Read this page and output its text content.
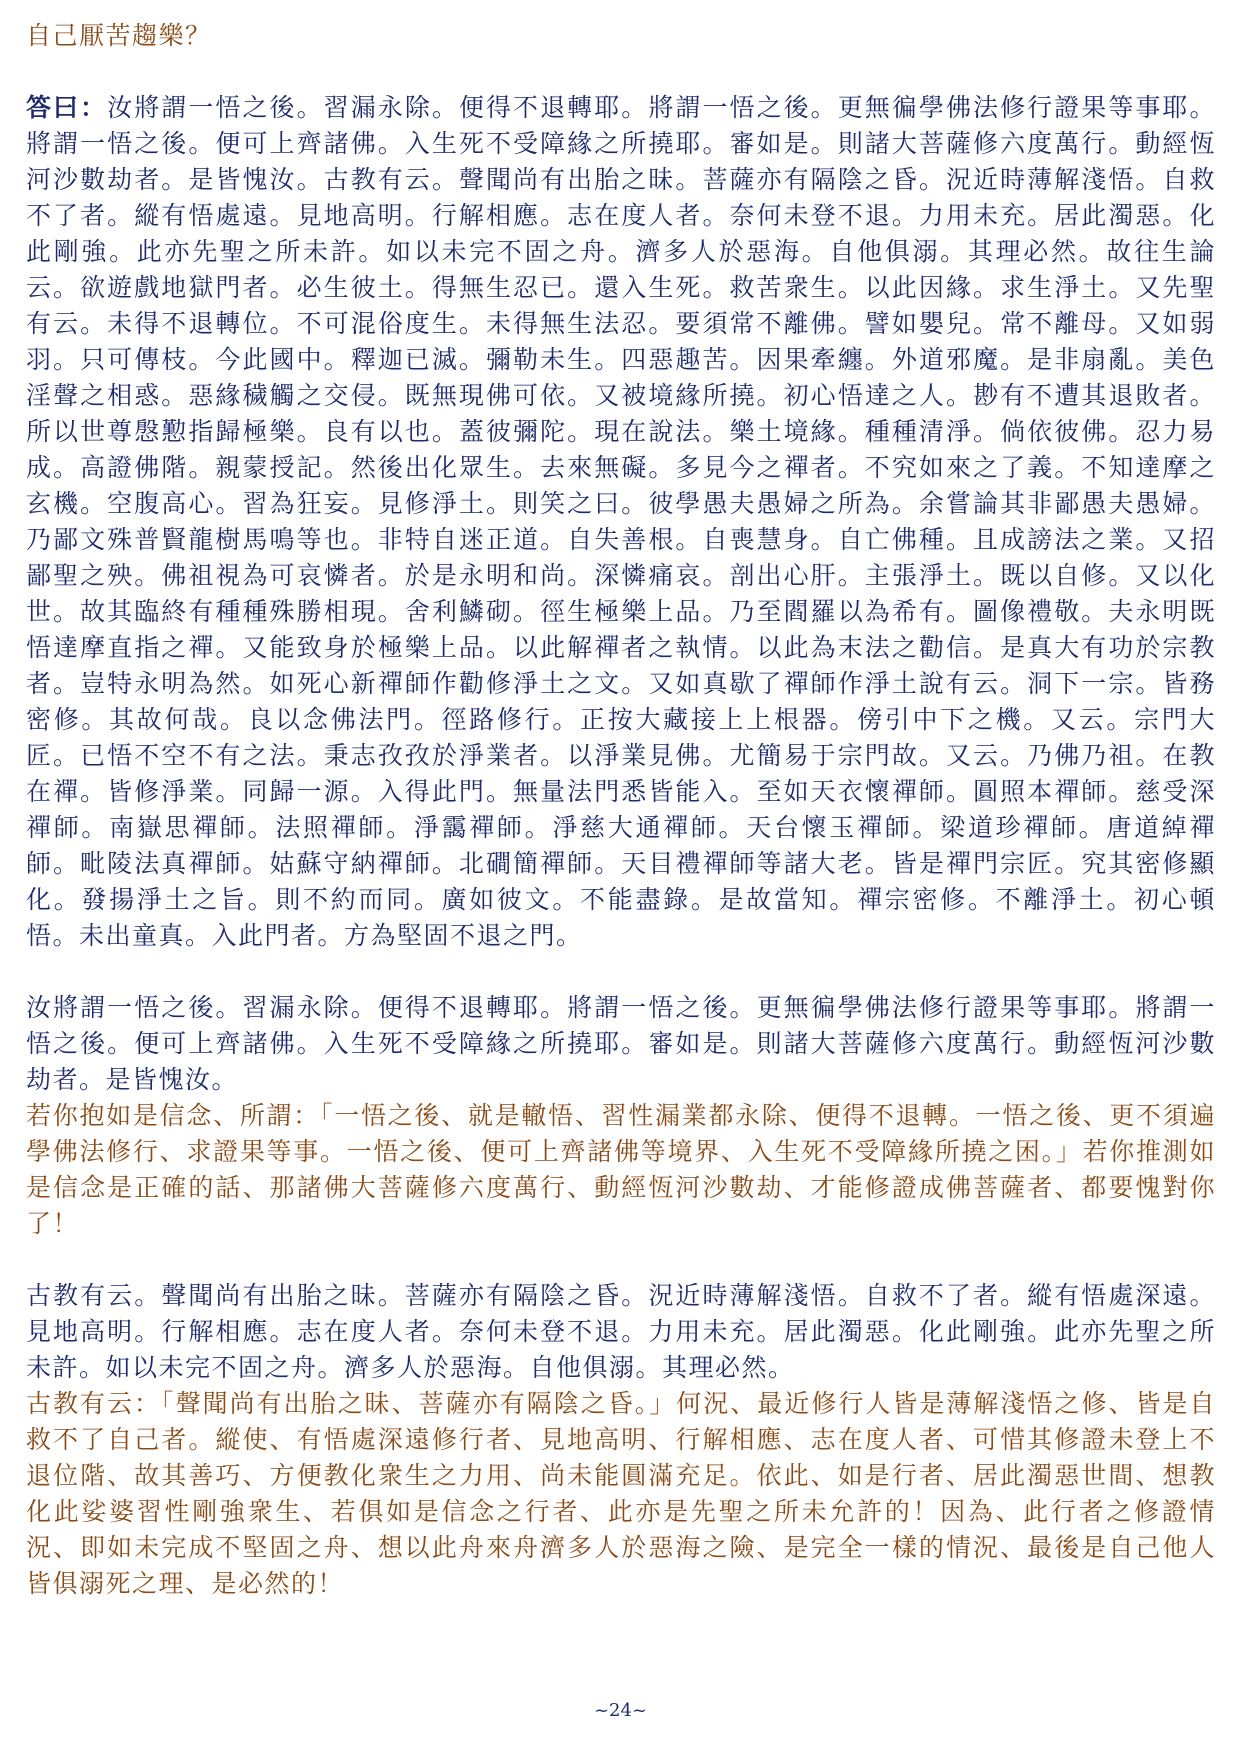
自己厭苦趨樂？

答曰：汝將謂一悟之後。習漏永除。便得不退轉耶。將謂一悟之後。更無徧學佛法修行證果等事耶。將謂一悟之後。便可上齊諸佛。入生死不受障緣之所撓耶。審如是。則諸大菩薩修六度萬行。動經恆河沙數劫者。是皆愧汝。古教有云。聲聞尚有出胎之昧。菩薩亦有隔陰之昏。況近時薄解淺悟。自救不了者。縱有悟處遠。見地高明。行解相應。志在度人者。奈何未登不退。力用未充。居此濁惡。化此剛強。此亦先聖之所未許。如以未完不固之舟。濟多人於惡海。自他俱溺。其理必然。故往生論云。欲遊戲地獄門者。必生彼土。得無生忍已。還入生死。救苦衆生。以此因緣。求生淨土。又先聖有云。未得不退轉位。不可混俗度生。未得無生法忍。要須常不離佛。譬如嬰兒。常不離母。又如弱羽。只可傳枝。今此國中。釋迦已滅。彌勒未生。四惡趣苦。因果牽纏。外道邪魔。是非扇亂。美色淫聲之相惑。惡緣穢觸之交侵。既無現佛可依。又被境緣所撓。初心悟達之人。尠有不遭其退敗者。所以世尊慇懃指歸極樂。良有以也。蓋彼彌陀。現在說法。樂土境緣。種種清淨。倘依彼佛。忍力易成。高證佛階。親蒙授記。然後出化眾生。去來無礙。多見今之禪者。不究如來之了義。不知達摩之玄機。空腹高心。習為狂妄。見修淨土。則笑之曰。彼學愚夫愚婦之所為。余嘗論其非鄙愚夫愚婦。乃鄙文殊普賢龍樹馬鳴等也。非特自迷正道。自失善根。自喪慧身。自亡佛種。且成謗法之業。又招鄙聖之殃。佛祖視為可哀憐者。於是永明和尚。深憐痛哀。剖出心肝。主張淨土。既以自修。又以化世。故其臨終有種種殊勝相現。舍利鱗砌。徑生極樂上品。乃至閻羅以為希有。圖像禮敬。夫永明既悟達摩直指之禪。又能致身於極樂上品。以此解禪者之執情。以此為末法之勸信。是真大有功於宗教者。豈特永明為然。如死心新禪師作勸修淨土之文。又如真歇了禪師作淨土說有云。洞下一宗。皆務密修。其故何哉。良以念佛法門。徑路修行。正按大藏接上上根器。傍引中下之機。又云。宗門大匠。已悟不空不有之法。秉志孜孜於淨業者。以淨業見佛。尤簡易于宗門故。又云。乃佛乃祖。在教在禪。皆修淨業。同歸一源。入得此門。無量法門悉皆能入。至如天衣懷禪師。圓照本禪師。慈受深禪師。南嶽思禪師。法照禪師。淨靄禪師。淨慈大通禪師。天台懷玉禪師。梁道珍禪師。唐道綽禪師。毗陵法真禪師。姑蘇守納禪師。北磵簡禪師。天目禮禪師等諸大老。皆是禪門宗匠。究其密修顯化。發揚淨土之旨。則不約而同。廣如彼文。不能盡錄。是故當知。禪宗密修。不離淨土。初心頓悟。未出童真。入此門者。方為堅固不退之門。

汝將謂一悟之後。習漏永除。便得不退轉耶。將謂一悟之後。更無徧學佛法修行證果等事耶。將謂一悟之後。便可上齊諸佛。入生死不受障緣之所撓耶。審如是。則諸大菩薩修六度萬行。動經恆河沙數劫者。是皆愧汝。

若你抱如是信念、所謂：「一悟之後、就是轍悟、習性漏業都永除、便得不退轉。一悟之後、更不須遍學佛法修行、求證果等事。一悟之後、便可上齊諸佛等境界、入生死不受障緣所撓之困。」若你推測如是信念是正確的話、那諸佛大菩薩修六度萬行、動經恆河沙數劫、才能修證成佛菩薩者、都要愧對你了！

古教有云。聲聞尚有出胎之昧。菩薩亦有隔陰之昏。況近時薄解淺悟。自救不了者。縱有悟處深遠。見地高明。行解相應。志在度人者。奈何未登不退。力用未充。居此濁惡。化此剛強。此亦先聖之所未許。如以未完不固之舟。濟多人於惡海。自他俱溺。其理必然。

古教有云：「聲聞尚有出胎之昧、菩薩亦有隔陰之昏。」何況、最近修行人皆是薄解淺悟之修、皆是自救不了自己者。縱使、有悟處深遠修行者、見地高明、行解相應、志在度人者、可惜其修證未登上不退位階、故其善巧、方便教化衆生之力用、尚未能圓滿充足。依此、如是行者、居此濁惡世間、想教化此娑婆習性剛強衆生、若俱如是信念之行者、此亦是先聖之所未允許的！因為、此行者之修證情況、即如未完成不堅固之舟、想以此舟來舟濟多人於惡海之險、是完全一樣的情況、最後是自己他人皆俱溺死之理、是必然的！

~24~
